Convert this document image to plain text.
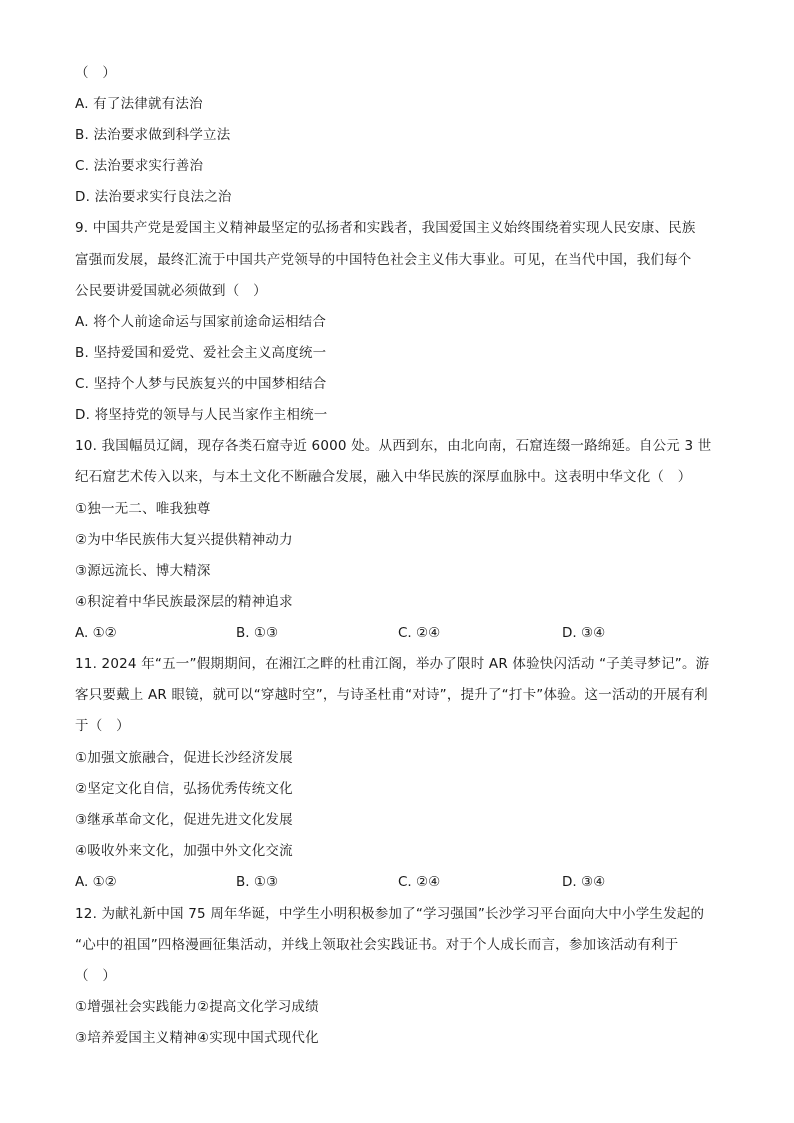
（　）
A. 有了法律就有法治
B. 法治要求做到科学立法
C. 法治要求实行善治
D. 法治要求实行良法之治
9. 中国共产党是爱国主义精神最坚定的弘扬者和实践者，我国爱国主义始终围绕着实现人民安康、民族
富强而发展，最终汇流于中国共产党领导的中国特色社会主义伟大事业。可见，在当代中国，我们每个
公民要讲爱国就必须做到（　）
A. 将个人前途命运与国家前途命运相结合
B. 坚持爱国和爱党、爱社会主义高度统一
C. 坚持个人梦与民族复兴的中国梦相结合
D. 将坚持党的领导与人民当家作主相统一
10. 我国幅员辽阔，现存各类石窟寺近 6000 处。从西到东，由北向南，石窟连缀一路绵延。自公元 3 世
纪石窟艺术传入以来，与本土文化不断融合发展，融入中华民族的深厚血脉中。这表明中华文化（　）
①独一无二、唯我独尊
②为中华民族伟大复兴提供精神动力
③源远流长、博大精深
④积淀着中华民族最深层的精神追求
A. ①②	B. ①③	C. ②④	D. ③④
11. 2024 年“五一”假期期间，在湘江之畔的杜甫江阁，举办了限时 AR 体验快闪活动 “子美寻梦记”。游
客只要戴上 AR 眼镜，就可以“穿越时空”，与诗圣杜甫“对诗”，提升了“打卡”体验。这一活动的开展有利
于（　）
①加强文旅融合，促进长沙经济发展
②坚定文化自信，弘扬优秀传统文化
③继承革命文化，促进先进文化发展
④吸收外来文化，加强中外文化交流
A. ①②	B. ①③	C. ②④	D. ③④
12. 为献礼新中国 75 周年华诞，中学生小明积极参加了“学习强国”长沙学习平台面向大中小学生发起的
“心中的祖国”四格漫画征集活动，并线上领取社会实践证书。对于个人成长而言，参加该活动有利于
（　）
①增强社会实践能力②提高文化学习成绩
③培养爱国主义精神④实现中国式现代化
